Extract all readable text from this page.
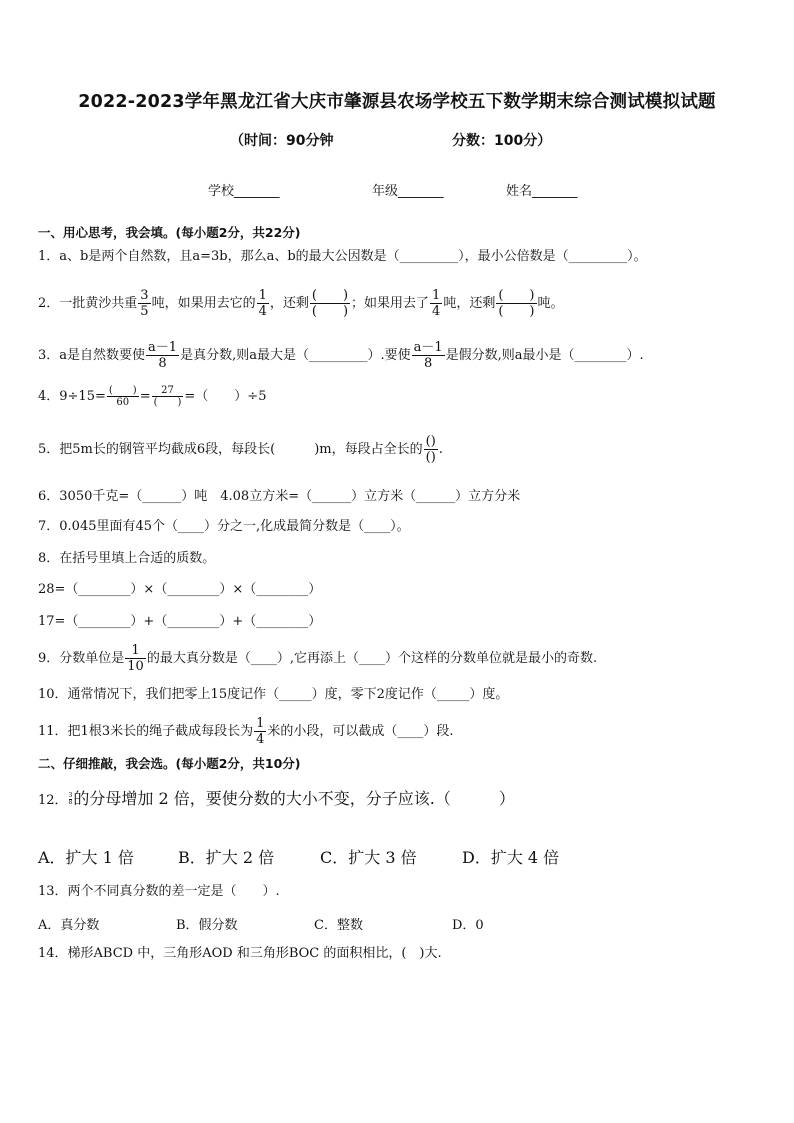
2022-2023学年黑龙江省大庆市肇源县农场学校五下数学期末综合测试模拟试题
（时间：90分钟	分数：100分）
学校_______	年级_______	姓名_______
一、用心思考，我会填。(每小题2分，共22分)
1．a、b是两个自然数，且a=3b，那么a、b的最大公因数是（_________），最小公倍数是（_________）。
2．一批黄沙共重 $\frac{3}{5}$ 吨，如果用去它的 $\frac{1}{4}$ ，还剩 $\frac{( )}{( )}$ ；如果用去了 $\frac{1}{4}$ 吨，还剩 $\frac{( )}{( )}$ 吨。
3．a是自然数要使 $\frac{a-1}{8}$ 是真分数,则a最大是（_________）.要使 $\frac{a-1}{8}$ 是假分数,则a最小是（________）.
4．$9\div 15= \frac{( )}{60} = \frac{27}{( )}$ =（　　）÷5
5．把5m长的钢管平均截成6段，每段长(　　　)m，每段占全长的 $\frac{()}{()}$ .
6．3050千克=（______）吨　4.08立方米=（______）立方米（______）立方分米
7．0.045里面有45个（____）分之一,化成最简分数是（____）。
8．在括号里填上合适的质数。
28=（________）×（________）×（________）
17=（________）+（________）+（________）
9．分数单位是 $\frac{1}{10}$ 的最大真分数是（____）,它再添上（____）个这样的分数单位就是最小的奇数.
10．通常情况下，我们把零上15度记作（_____）度，零下2度记作（_____）度。
11．把1根3米长的绳子截成每段长为 $\frac{1}{4}$ 米的小段，可以截成（____）段.
二、仔细推敲，我会选。(每小题2分，共10分)
12． $\frac{3}{8}$ 的分母增加 2 倍，要使分数的大小不变，分子应该.（　　　）
A．扩大 1 倍	B．扩大 2 倍	C．扩大 3 倍	D．扩大 4 倍
13．两个不同真分数的差一定是（　　）.
A．真分数	B．假分数	C．整数	D．0
14．梯形ABCD 中，三角形AOD 和三角形BOC 的面积相比，(　)大.
